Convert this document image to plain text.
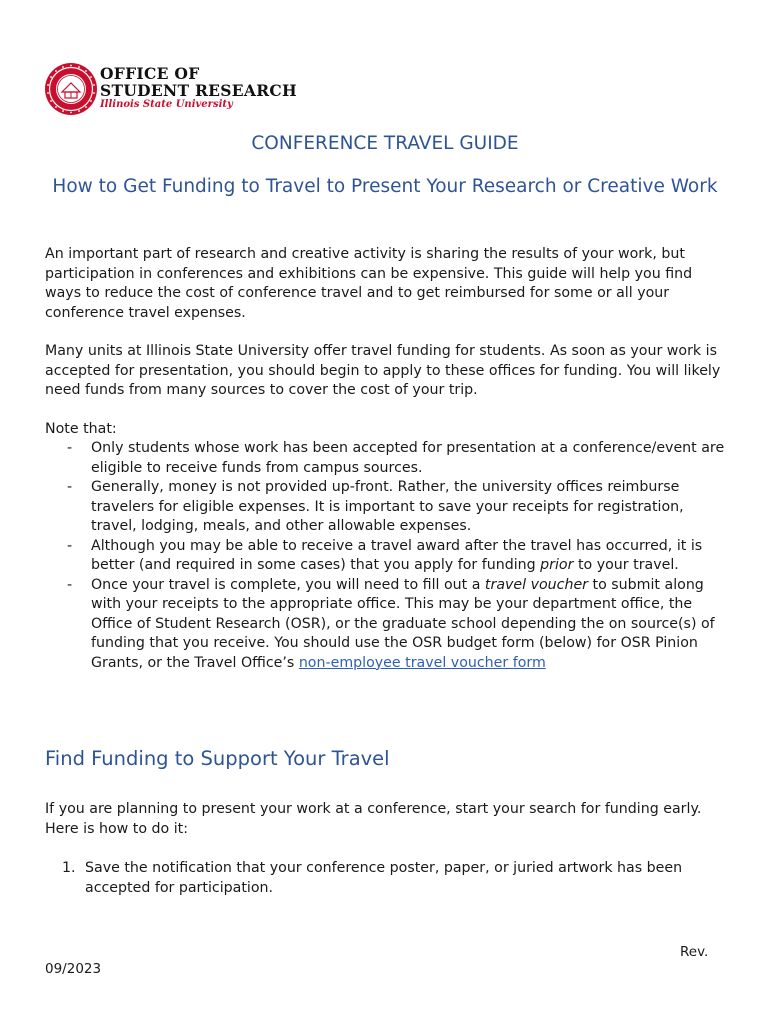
OFFICE OF
STUDENT RESEARCH
Illinois State University
CONFERENCE TRAVEL GUIDE
How to Get Funding to Travel to Present Your Research or Creative Work

An important part of research and creative activity is sharing the results of your work, but participation in conferences and exhibitions can be expensive. This guide will help you find ways to reduce the cost of conference travel and to get reimbursed for some or all your conference travel expenses.

Many units at Illinois State University offer travel funding for students. As soon as your work is accepted for presentation, you should begin to apply to these offices for funding. You will likely need funds from many sources to cover the cost of your trip.

Note that:

- Only students whose work has been accepted for presentation at a conference/event are eligible to receive funds from campus sources.
- Generally, money is not provided up-front. Rather, the university offices reimburse travelers for eligible expenses. It is important to save your receipts for registration, travel, lodging, meals, and other allowable expenses.
- Although you may be able to receive a travel award after the travel has occurred, it is better (and required in some cases) that you apply for funding prior to your travel.
- Once your travel is complete, you will need to fill out a travel voucher to submit along with your receipts to the appropriate office. This may be your department office, the Office of Student Research (OSR), or the graduate school depending the on source(s) of funding that you receive. You should use the OSR budget form (below) for OSR Pinion Grants, or the Travel Office’s non-employee travel voucher form
Find Funding to Support Your Travel

If you are planning to present your work at a conference, start your search for funding early. Here is how to do it:

1. Save the notification that your conference poster, paper, or juried artwork has been accepted for participation.
Rev.
09/2023
